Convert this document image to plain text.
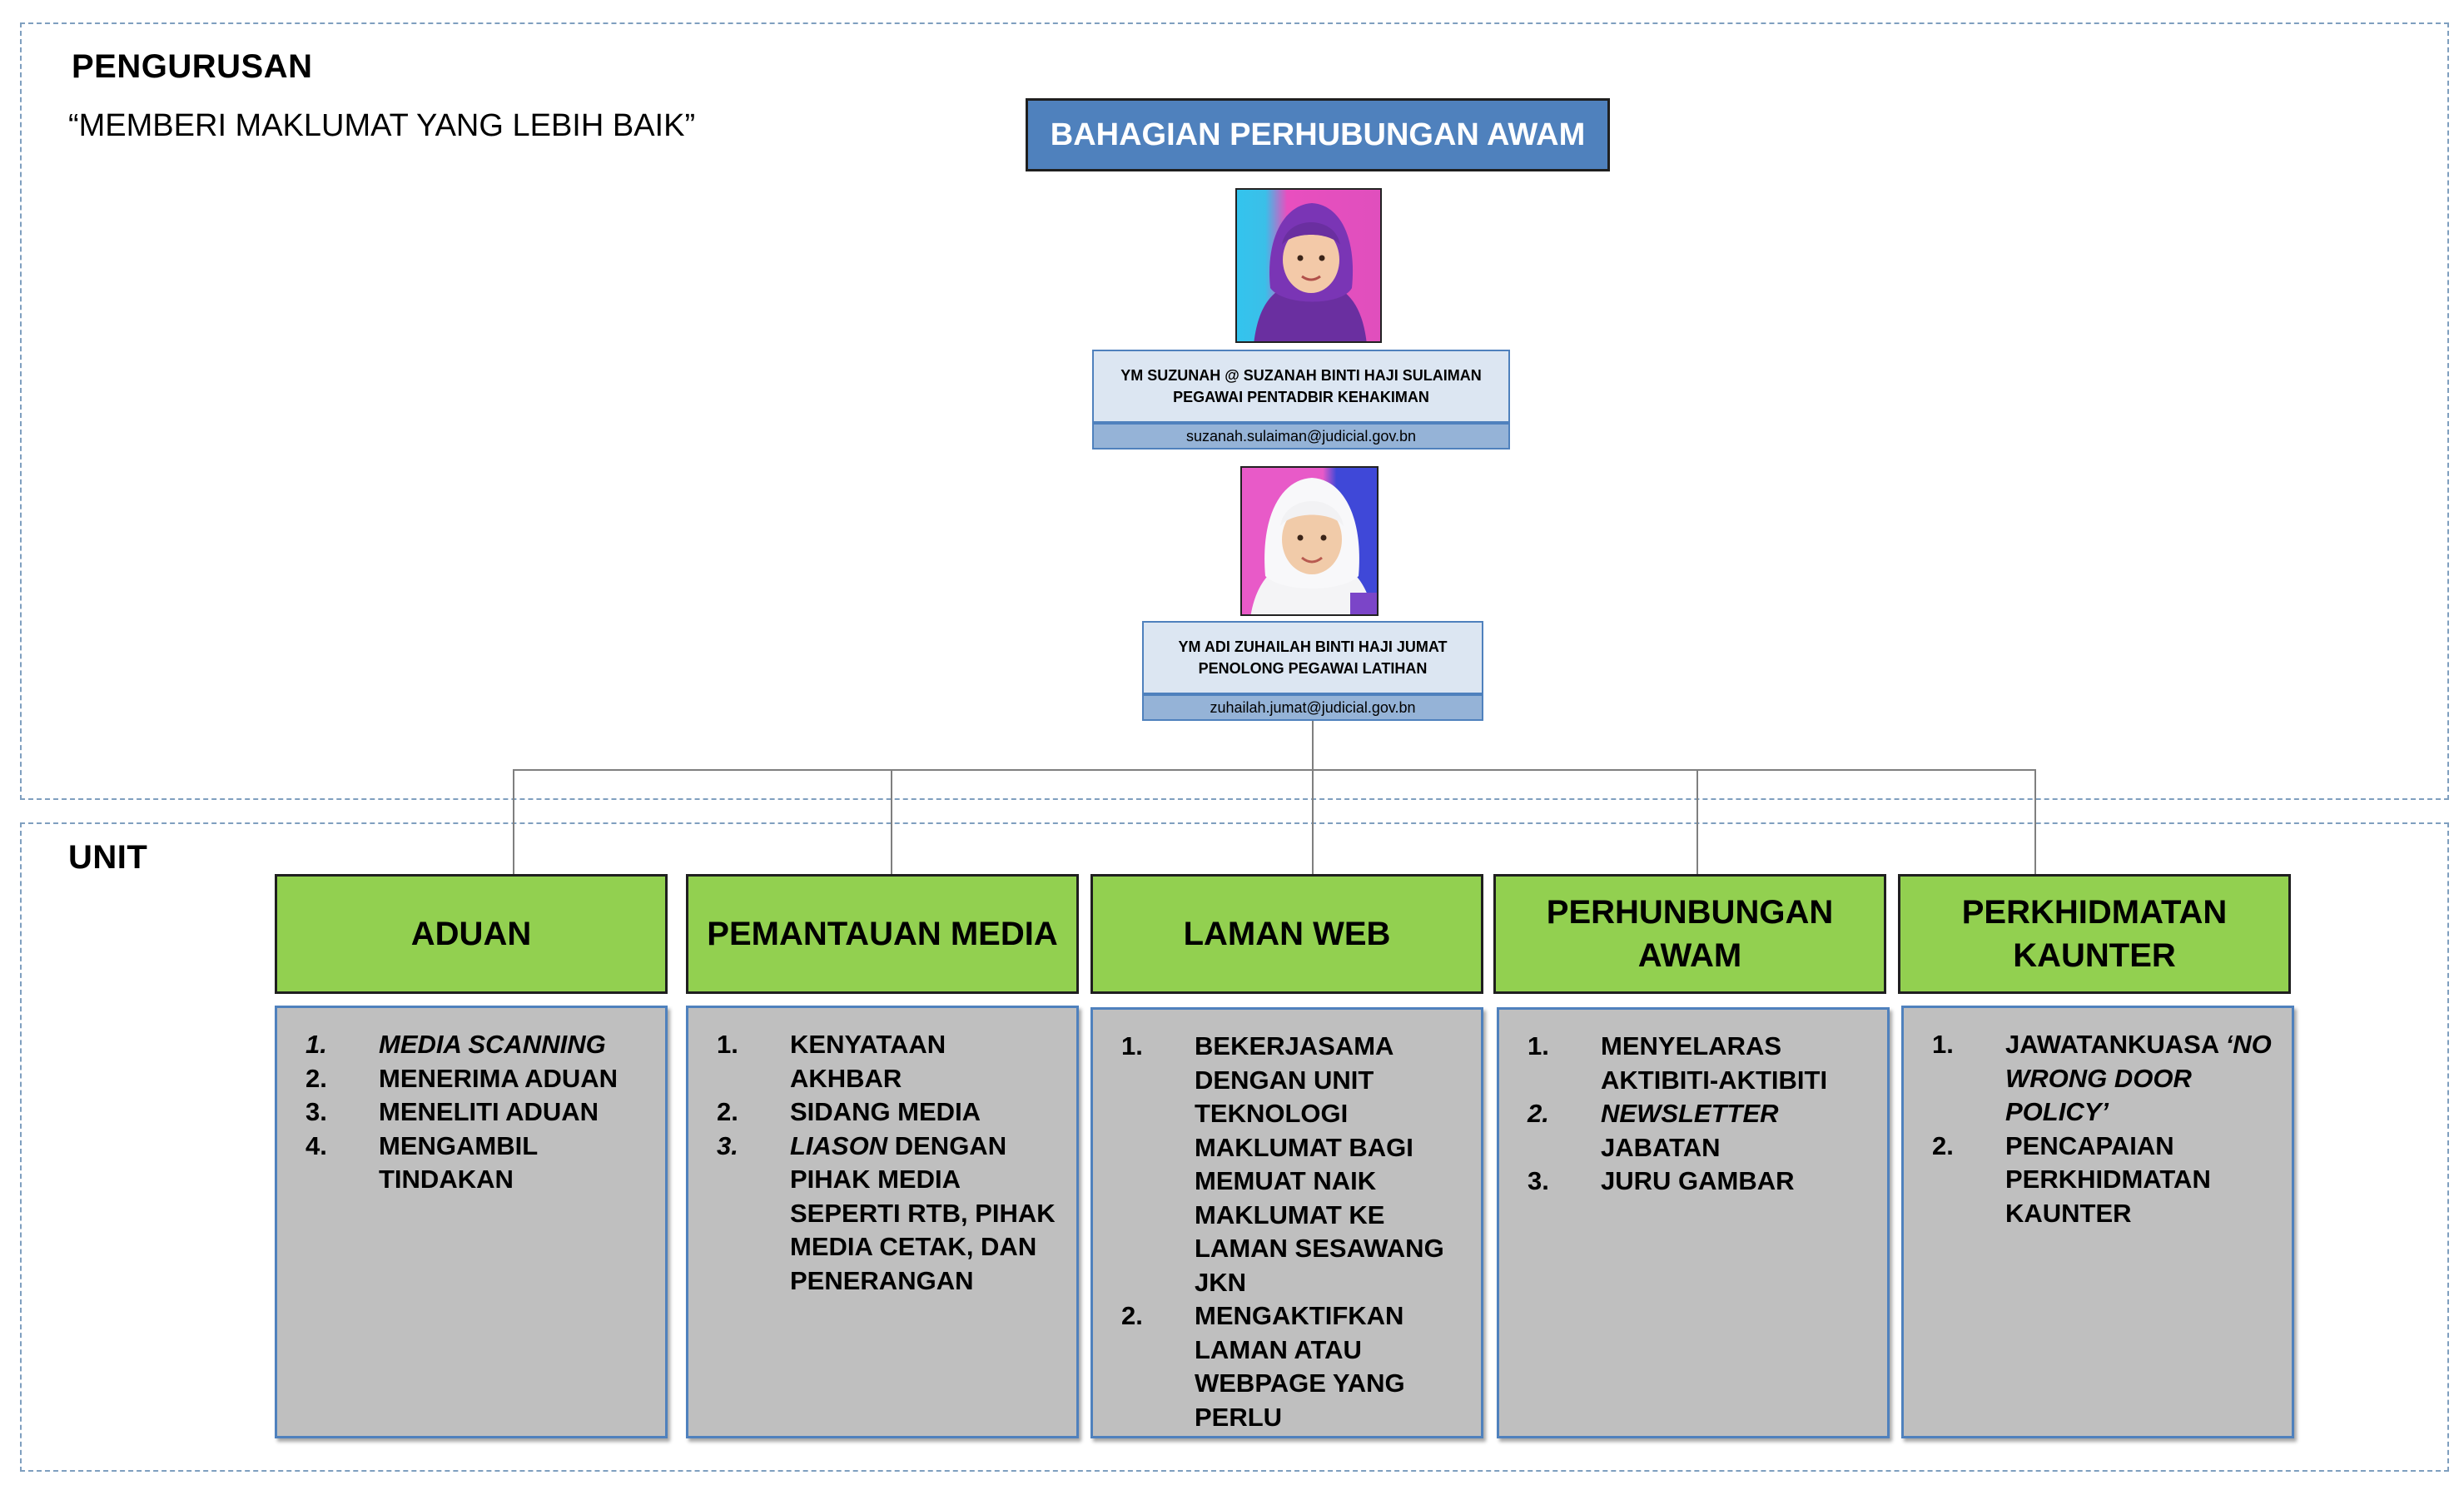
PENGURUSAN
“MEMBERI MAKLUMAT YANG LEBIH BAIK”
UNIT
BAHAGIAN PERHUBUNGAN AWAM
YM SUZUNAH @ SUZANAH BINTI HAJI SULAIMAN
PEGAWAI PENTADBIR KEHAKIMAN
suzanah.sulaiman@judicial.gov.bn
YM ADI ZUHAILAH BINTI HAJI JUMAT
PENOLONG PEGAWAI LATIHAN
zuhailah.jumat@judicial.gov.bn
ADUAN	PEMANTAUAN MEDIA	LAMAN WEB
PERHUNBUNGAN AWAM
PERKHIDMATAN KAUNTER
1.	MEDIA SCANNING
2.	MENERIMA ADUAN
3.	MENELITI ADUAN
4.	MENGAMBIL TINDAKAN
1.	KENYATAAN AKHBAR
2.	SIDANG MEDIA
3.	LIASON DENGAN PIHAK MEDIA SEPERTI RTB, PIHAK MEDIA CETAK, DAN PENERANGAN
1.	BEKERJASAMA DENGAN UNIT TEKNOLOGI MAKLUMAT BAGI MEMUAT NAIK MAKLUMAT KE LAMAN SESAWANG JKN
2.	MENGAKTIFKAN LAMAN ATAU WEBPAGE YANG PERLU
1.	MENYELARAS AKTIBITI-AKTIBITI
2.	NEWSLETTER JABATAN
3.	JURU GAMBAR
1.	JAWATANKUASA ‘NO WRONG DOOR POLICY’
2.	PENCAPAIAN PERKHIDMATAN KAUNTER
